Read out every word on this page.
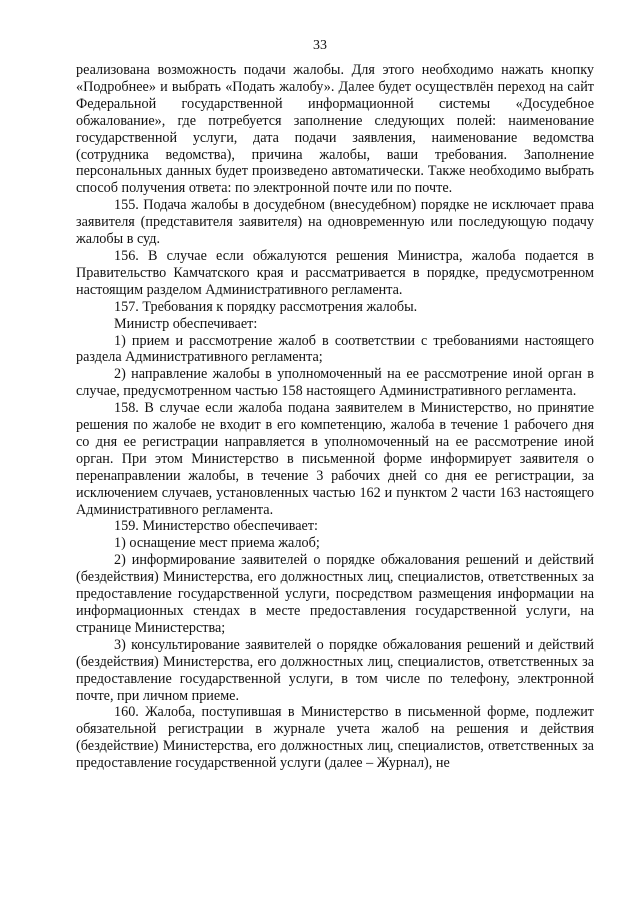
33

реализована возможность подачи жалобы. Для этого необходимо нажать кнопку «Подробнее» и выбрать «Подать жалобу». Далее будет осуществлён переход на сайт Федеральной государственной информационной системы «Досудебное обжалование», где потребуется заполнение следующих полей: наименование государственной услуги, дата подачи заявления, наименование ведомства (сотрудника ведомства), причина жалобы, ваши требования. Заполнение персональных данных будет произведено автоматически. Также необходимо выбрать способ получения ответа: по электронной почте или по почте.

155. Подача жалобы в досудебном (внесудебном) порядке не исключает права заявителя (представителя заявителя) на одновременную или последующую подачу жалобы в суд.

156. В случае если обжалуются решения Министра, жалоба подается в Правительство Камчатского края и рассматривается в порядке, предусмотренном настоящим разделом Административного регламента.

157. Требования к порядку рассмотрения жалобы.

Министр обеспечивает:

1) прием и рассмотрение жалоб в соответствии с требованиями настоящего раздела Административного регламента;

2) направление жалобы в уполномоченный на ее рассмотрение иной орган в случае, предусмотренном частью 158 настоящего Административного регламента.

158. В случае если жалоба подана заявителем в Министерство, но принятие решения по жалобе не входит в его компетенцию, жалоба в течение 1 рабочего дня со дня ее регистрации направляется в уполномоченный на ее рассмотрение иной орган. При этом Министерство в письменной форме информирует заявителя о перенаправлении жалобы, в течение 3 рабочих дней со дня ее регистрации, за исключением случаев, установленных частью 162 и пунктом 2 части 163 настоящего Административного регламента.

159. Министерство обеспечивает:

1) оснащение мест приема жалоб;

2) информирование заявителей о порядке обжалования решений и действий (бездействия) Министерства, его должностных лиц, специалистов, ответственных за предоставление государственной услуги, посредством размещения информации на информационных стендах в месте предоставления государственной услуги, на странице Министерства;

3) консультирование заявителей о порядке обжалования решений и действий (бездействия) Министерства, его должностных лиц, специалистов, ответственных за предоставление государственной услуги, в том числе по телефону, электронной почте, при личном приеме.

160. Жалоба, поступившая в Министерство в письменной форме, подлежит обязательной регистрации в журнале учета жалоб на решения и действия (бездействие) Министерства, его должностных лиц, специалистов, ответственных за предоставление государственной услуги (далее – Журнал), не
